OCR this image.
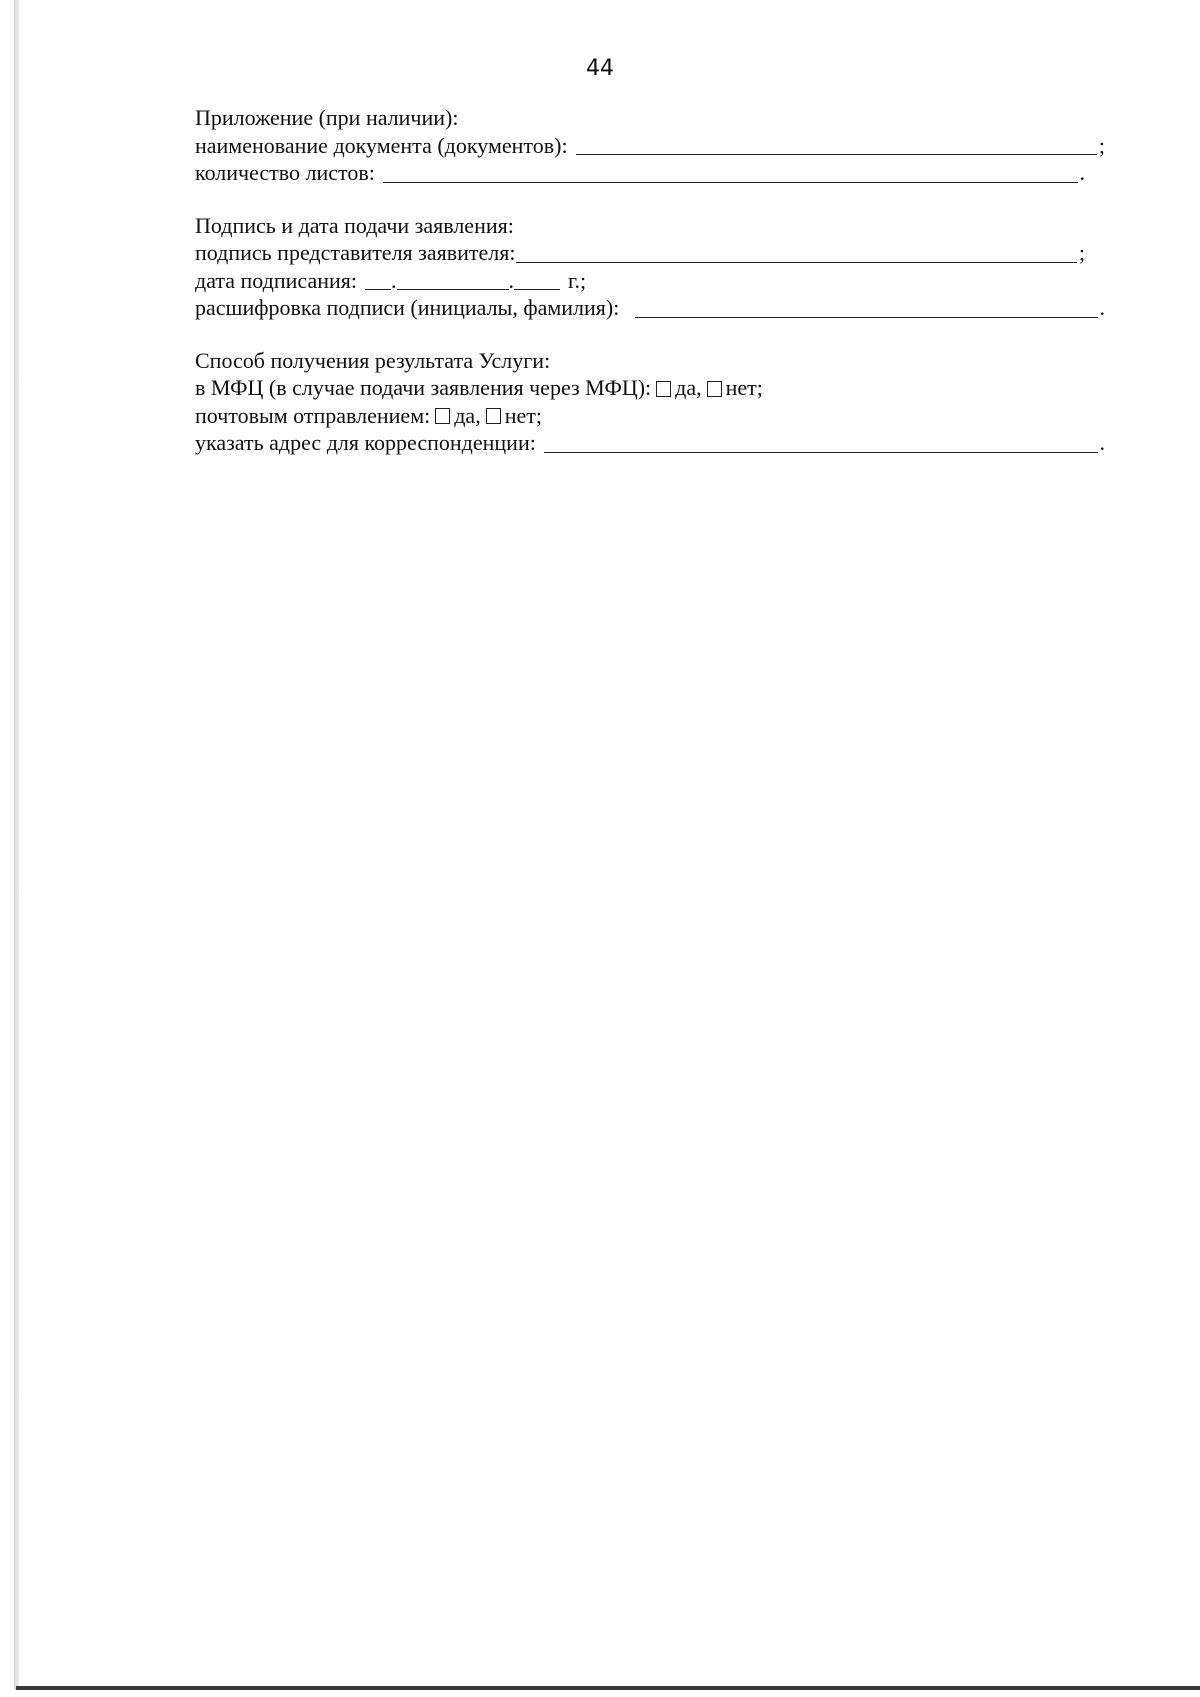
44
Приложение (при наличии):
наименование документа (документов):	;
количество листов:	.
Подпись и дата подачи заявления:
подпись представителя заявителя:	;
дата подписания: .	. г.;
расшифровка подписи (инициалы, фамилия):	.
Способ получения результата Услуги:
в МФЦ (в случае подачи заявления через МФЦ): да, нет;
почтовым отправлением: да, нет;
указать адрес для корреспонденции:	.
